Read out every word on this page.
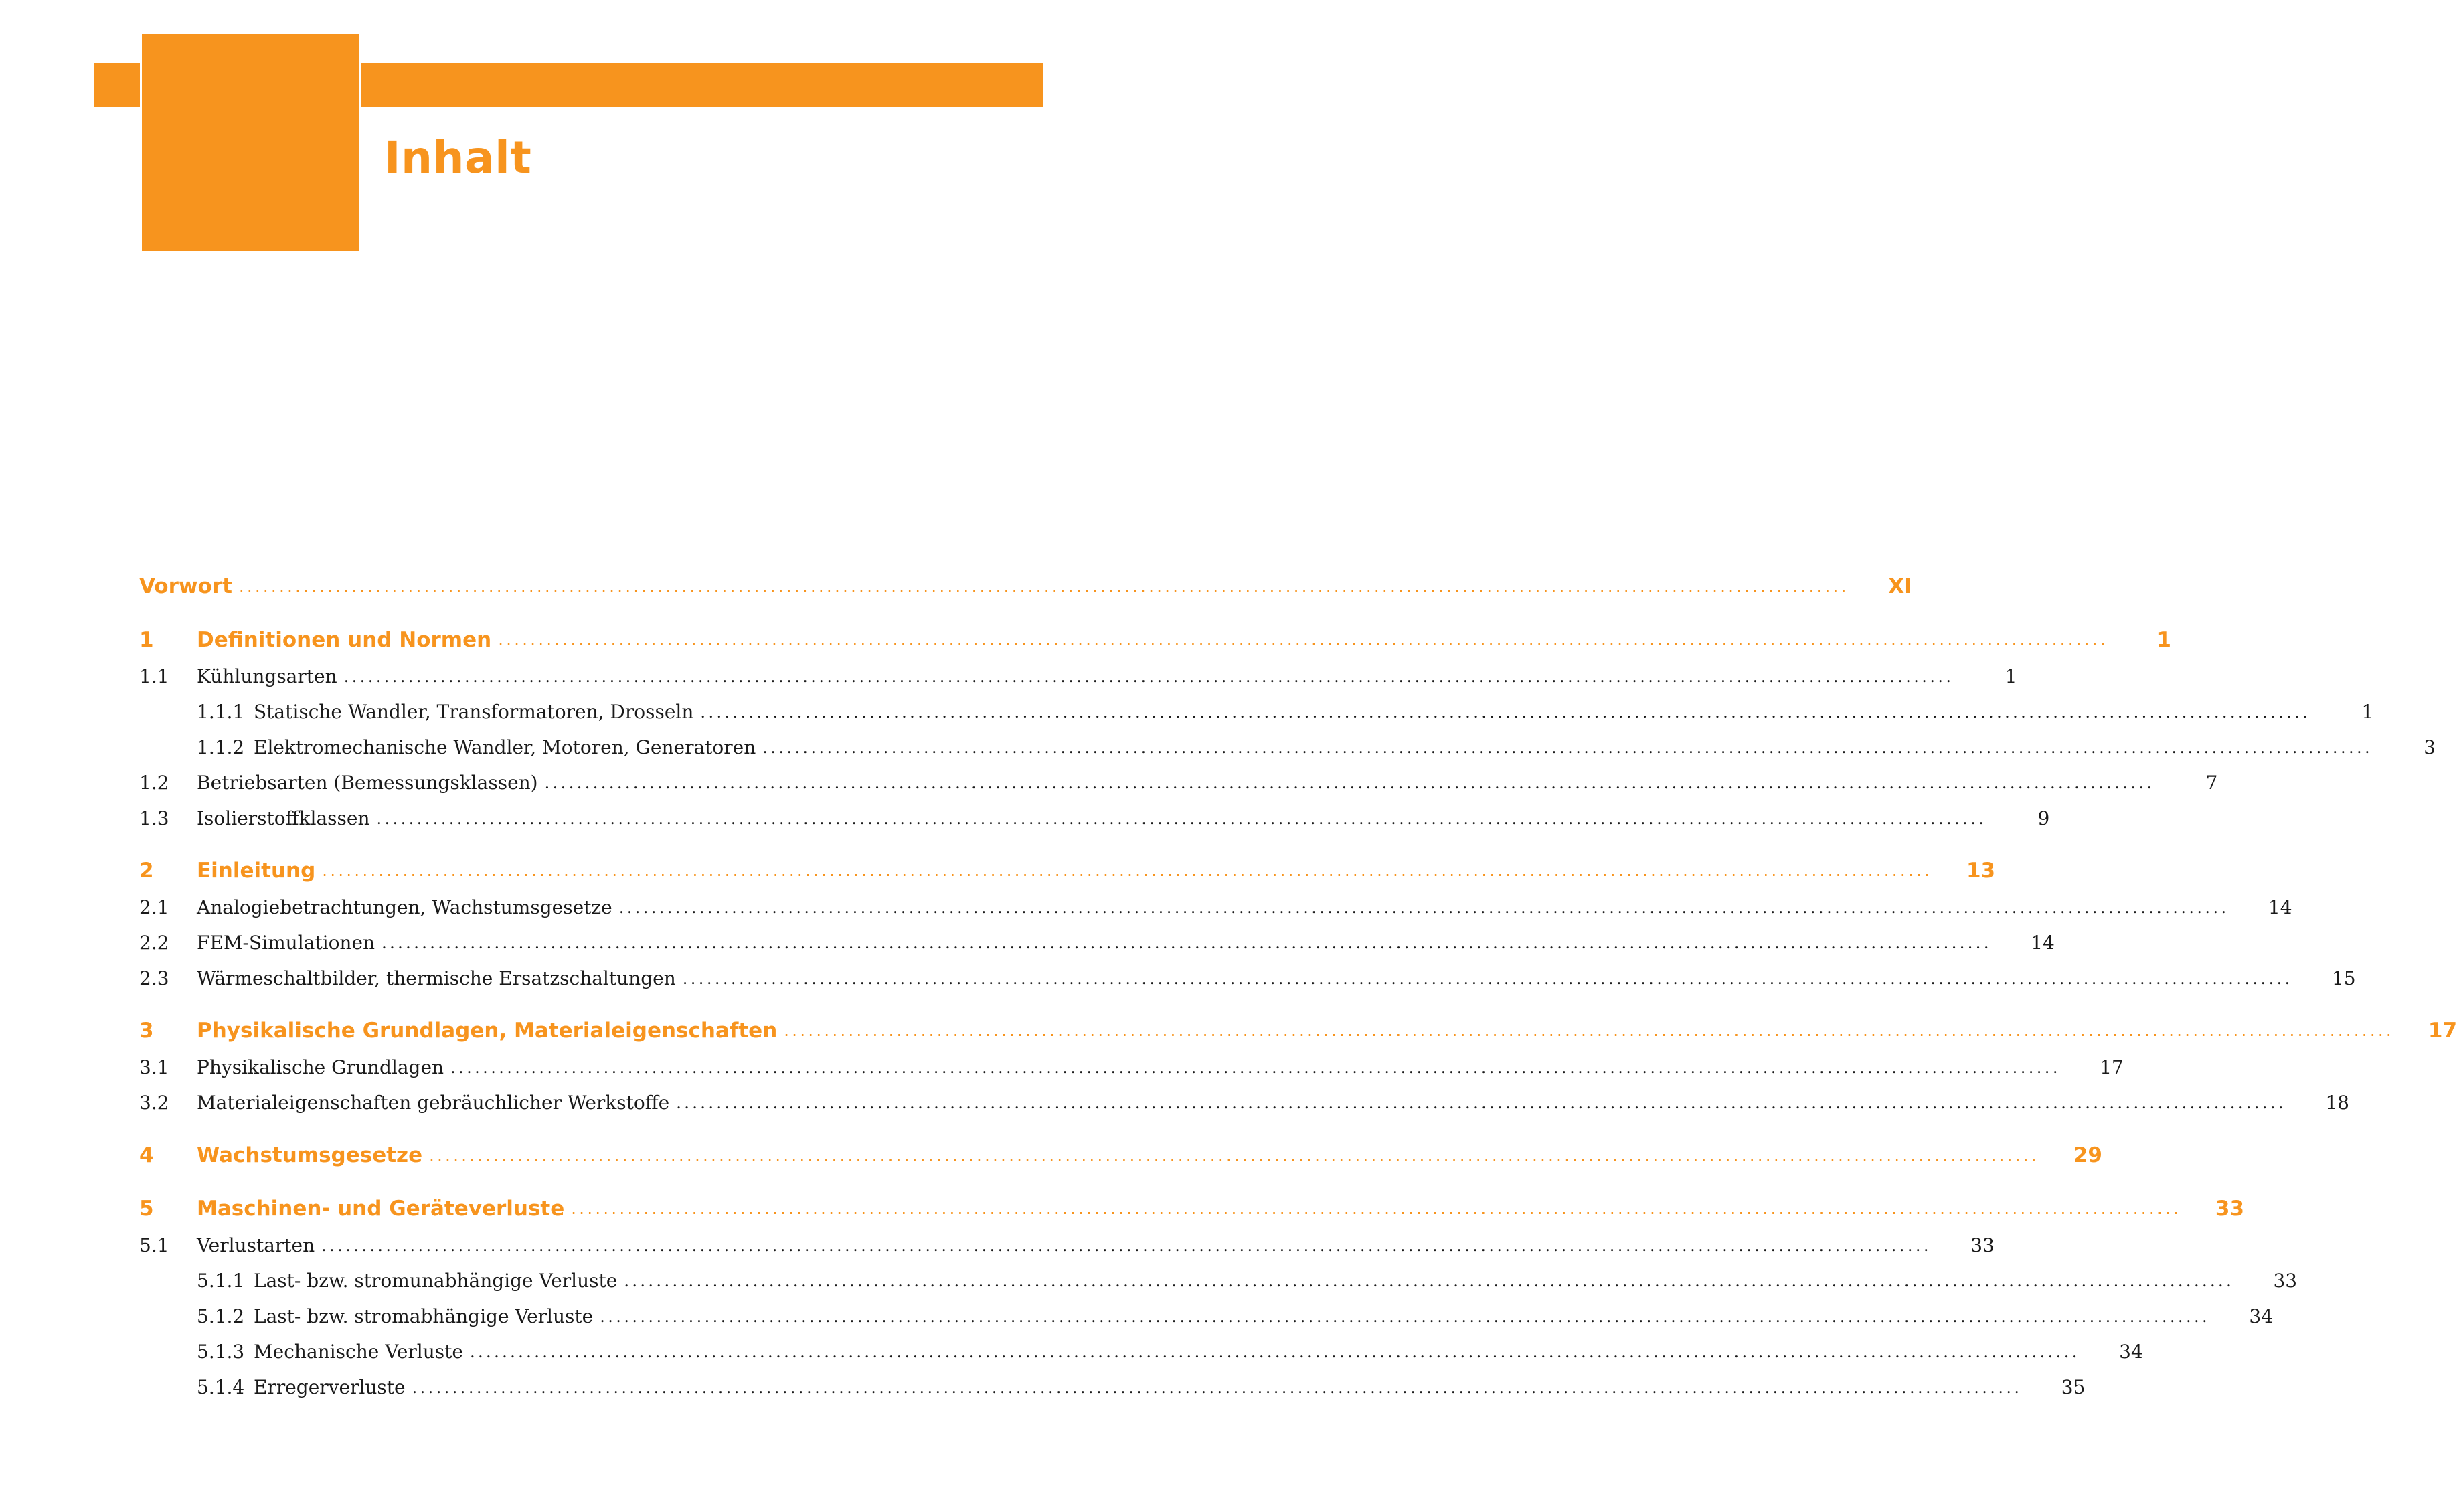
Inhalt
Vorwort ........................................................................................................................................................................................................	XI
1	Definitionen und Normen ........................................................................................................................................................................................................	1
1.1	Kühlungsarten ........................................................................................................................................................................................................	1
1.1.1 Statische Wandler, Transformatoren, Drosseln ........................................................................................................................................................................................................	1
1.1.2 Elektromechanische Wandler, Motoren, Generatoren ........................................................................................................................................................................................................	3
1.2	Betriebsarten (Bemessungsklassen) ........................................................................................................................................................................................................	7
1.3	Isolierstoffklassen ........................................................................................................................................................................................................	9
2	Einleitung ........................................................................................................................................................................................................ 13
2.1	Analogiebetrachtungen, Wachstumsgesetze ........................................................................................................................................................................................................	14
2.2	FEM-Simulationen ........................................................................................................................................................................................................	14
2.3	Wärmeschaltbilder, thermische Ersatzschaltungen ........................................................................................................................................................................................................	15
3	Physikalische Grundlagen, Materialeigenschaften ........................................................................................................................................................................................................ 17
3.1	Physikalische Grundlagen ........................................................................................................................................................................................................	17
3.2	Materialeigenschaften gebräuchlicher Werkstoffe ........................................................................................................................................................................................................	18
4	Wachstumsgesetze ........................................................................................................................................................................................................ 29
5	Maschinen- und Geräteverluste ........................................................................................................................................................................................................ 33
5.1	Verlustarten ........................................................................................................................................................................................................	33
5.1.1 Last- bzw. stromunabhängige Verluste ........................................................................................................................................................................................................	33
5.1.2 Last- bzw. stromabhängige Verluste ........................................................................................................................................................................................................	34
5.1.3 Mechanische Verluste ........................................................................................................................................................................................................	34
5.1.4 Erregerverluste ........................................................................................................................................................................................................	35
